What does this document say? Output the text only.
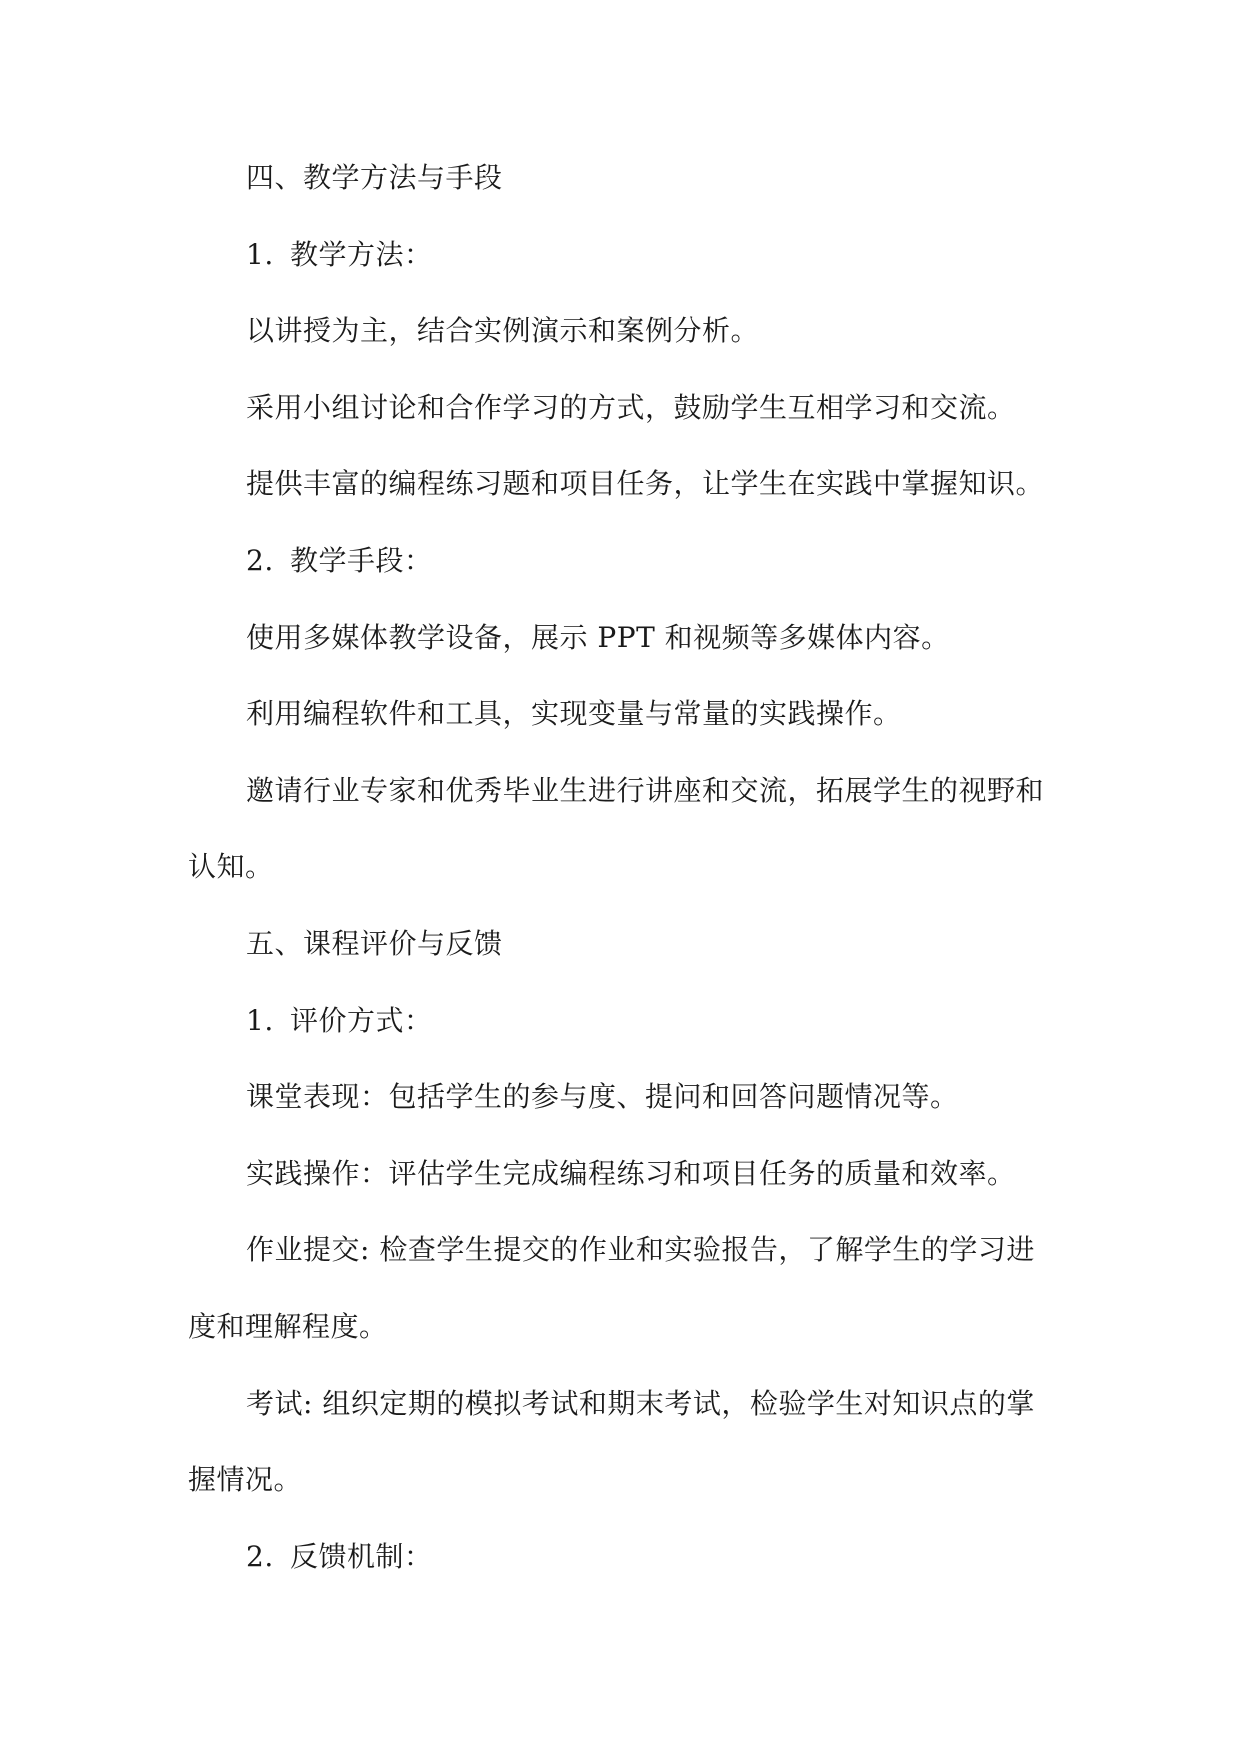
四、教学方法与手段
1. 教学方法：
以讲授为主，结合实例演示和案例分析。
采用小组讨论和合作学习的方式，鼓励学生互相学习和交流。
提供丰富的编程练习题和项目任务，让学生在实践中掌握知识。
2. 教学手段：
使用多媒体教学设备，展示 PPT 和视频等多媒体内容。
利用编程软件和工具，实现变量与常量的实践操作。
邀请行业专家和优秀毕业生进行讲座和交流，拓展学生的视野和
认知。
五、课程评价与反馈
1. 评价方式：
课堂表现：包括学生的参与度、提问和回答问题情况等。
实践操作：评估学生完成编程练习和项目任务的质量和效率。
作业提交: 检查学生提交的作业和实验报告，了解学生的学习进
度和理解程度。
考试: 组织定期的模拟考试和期末考试，检验学生对知识点的掌
握情况。
2. 反馈机制：
